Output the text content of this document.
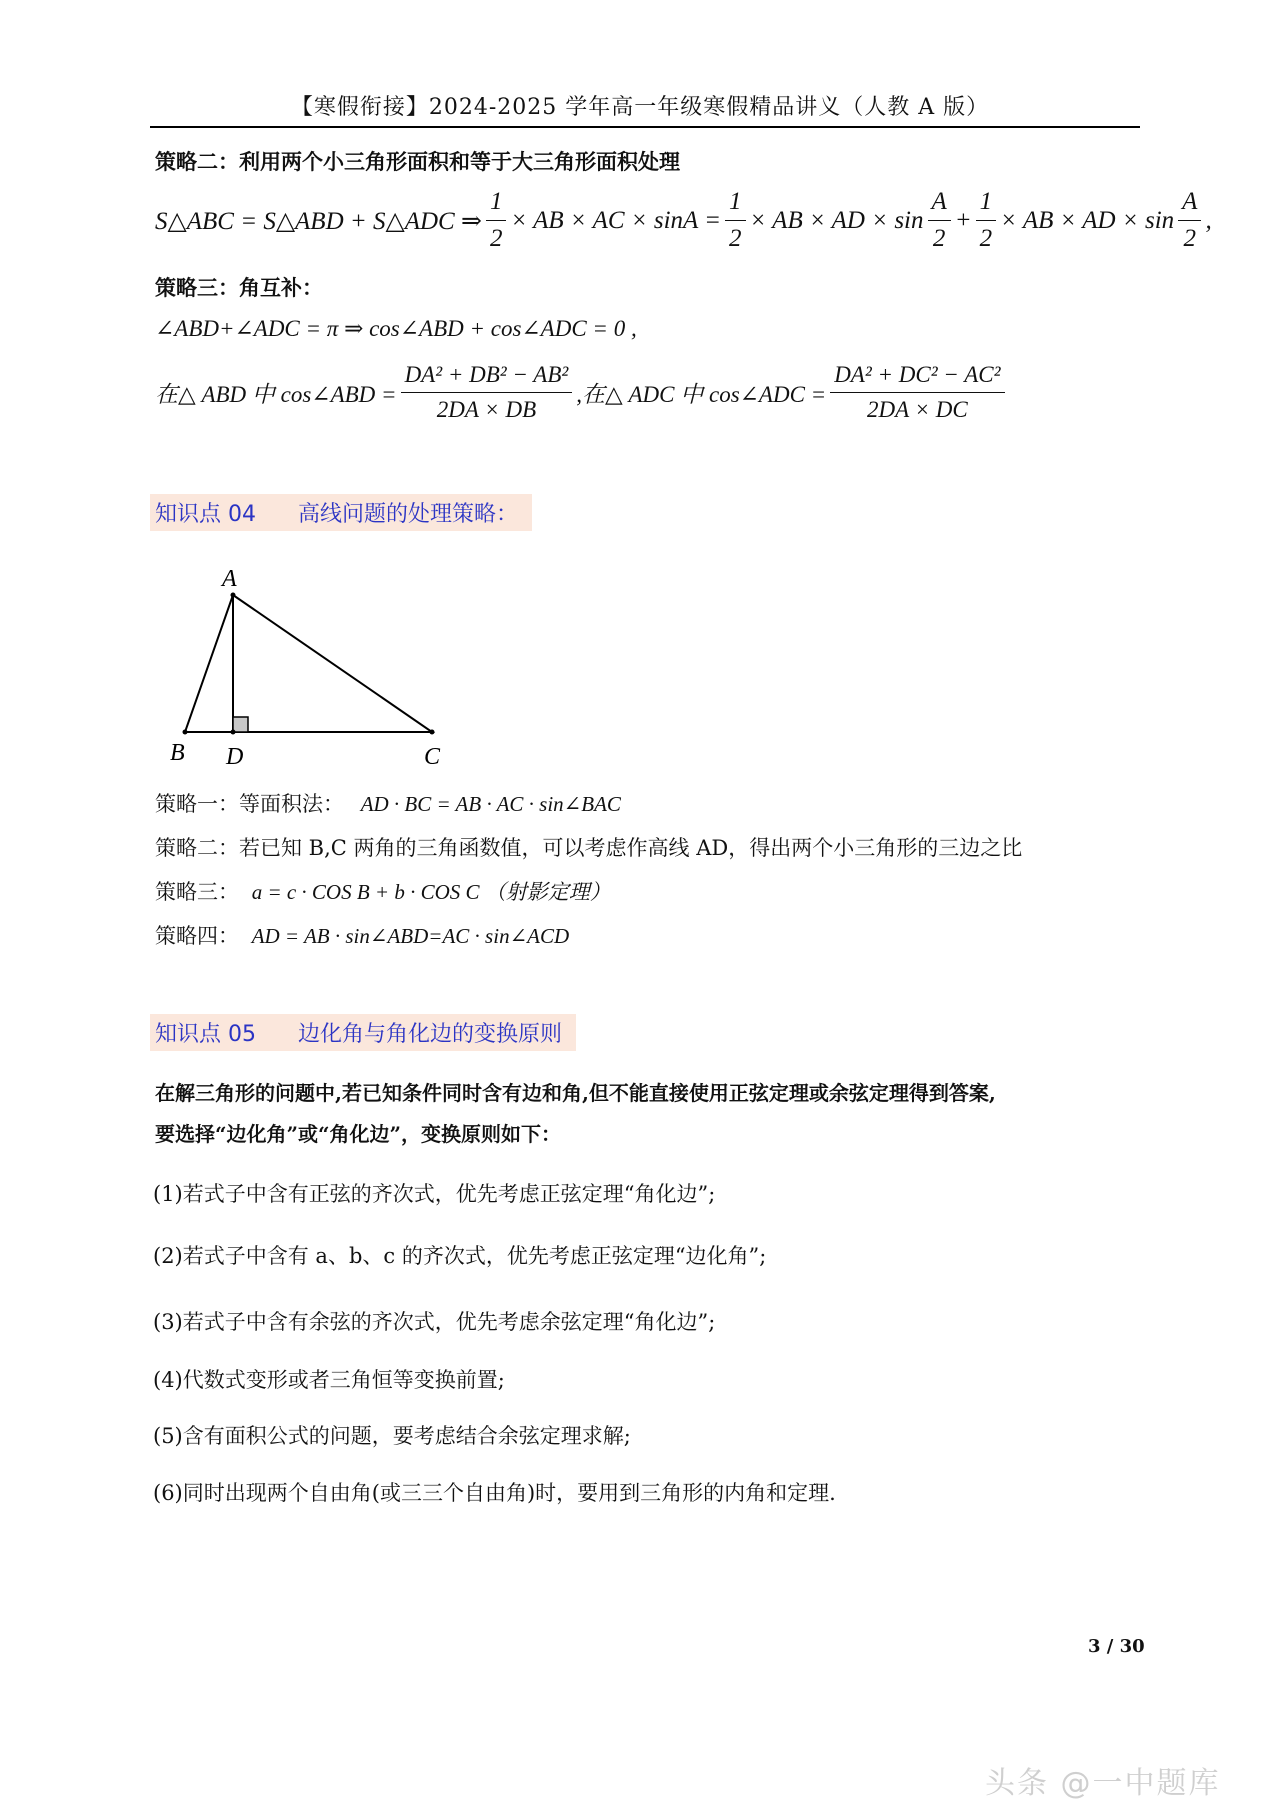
【寒假衔接】2024-2025 学年高一年级寒假精品讲义（人教 A 版）
策略二：利用两个小三角形面积和等于大三角形面积处理
S△ABC = S△ABD + S△ADC ⇒ $\frac{1}{2}$ × AB × AC × $\sin A = \frac{1}{2}$ × AB × AD × $\sin \frac{A}{2} + \frac{1}{2}$ × AB × AD × $\sin \frac{A}{2}$ ,
策略三：角互补：
∠ABD+∠ADC = π ⇒ cos∠ABD + cos∠ADC = 0 ,
在△ ABD 中 cos∠ABD = $\frac{\text{DA² + DB² − AB²}}{2DA \times DB}$ ,在△ ADC 中 cos∠ADC = $\frac{\text{DA² + DC² − AC²}}{2DA \times DC}$
知识点 04 高线问题的处理策略：
A
B D	C
策略一：等面积法： AD · BC = AB · AC · sin∠BAC
策略二：若已知 B,C 两角的三角函数值，可以考虑作高线 AD，得出两个小三角形的三边之比
策略三： a = c · COS B + b · COS C （射影定理）
策略四： AD = AB · sin∠ABD=AC · sin∠ACD
知识点 05 边化角与角化边的变换原则
在解三角形的问题中,若已知条件同时含有边和角,但不能直接使用正弦定理或余弦定理得到答案,
要选择“边化角”或“角化边”，变换原则如下：
(1)若式子中含有正弦的齐次式，优先考虑正弦定理“角化边”;
(2)若式子中含有 a、b、c 的齐次式，优先考虑正弦定理“边化角”;
(3)若式子中含有余弦的齐次式，优先考虑余弦定理“角化边”;
(4)代数式变形或者三角恒等变换前置;
(5)含有面积公式的问题，要考虑结合余弦定理求解;
(6)同时出现两个自由角(或三三个自由角)时，要用到三角形的内角和定理.
3 / 30
头条 @一中题库
